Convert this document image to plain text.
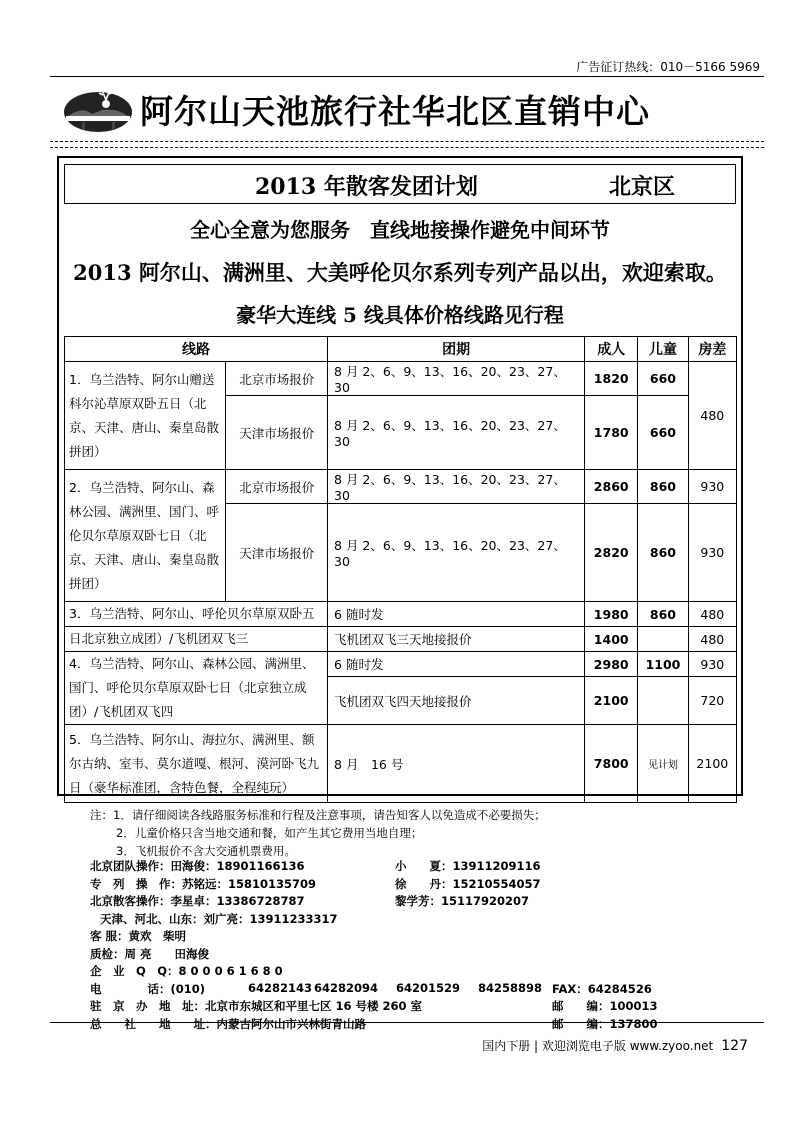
广告征订热线：010－5166 5969
阿尔山天池旅行社华北区直销中心
2013 年散客发团计划	北京区
全心全意为您服务　直线地接操作避免中间环节
2013 阿尔山、满洲里、大美呼伦贝尔系列专列产品以出，欢迎索取。
豪华大连线 5 线具体价格线路见行程
线路		团期	成人	儿童	房差
1．乌兰浩特、阿尔山赠送科尔沁草原双卧五日（北京、天津、唐山、秦皇岛散拼团）	北京市场报价	8 月 2、6、9、13、16、20、23、27、30	1820	660	480
	天津市场报价	8 月 2、6、9、13、16、20、23、27、30	1780	660	
2．乌兰浩特、阿尔山、森林公园、满洲里、国门、呼伦贝尔草原双卧七日（北京、天津、唐山、秦皇岛散拼团）	北京市场报价	8 月 2、6、9、13、16、20、23、27、30	2860	860	930
	天津市场报价	8 月 2、6、9、13、16、20、23、27、30	2820	860	930
3．乌兰浩特、阿尔山、呼伦贝尔草原双卧五		6 随时发	1980	860	480
日北京独立成团）/飞机团双飞三		飞机团双飞三天地接报价	1400		480
4．乌兰浩特、阿尔山、森林公园、满洲里、国门、呼伦贝尔草原双卧七日（北京独立成团）/飞机团双飞四		6 随时发	2980	1100	930
		飞机团双飞四天地接报价	2100		720
5．乌兰浩特、阿尔山、海拉尔、满洲里、额尔古纳、室韦、莫尔道嘎、根河、漠河卧飞九日（豪华标准团，含特色餐，全程纯玩）		8 月　16 号	7800	见计划	2100
注：1．请仔细阅读各线路服务标准和行程及注意事项，请告知客人以免造成不必要损失；
2．儿童价格只含当地交通和餐，如产生其它费用当地自理；
3．飞机报价不含大交通机票费用。
北京团队操作：田海俊：18901166136	小　　夏：13911209116
专　列　操　作：苏铭远：15810135709	徐　　丹：15210554057
北京散客操作：李星卓：13386728787	黎学芳：15117920207
天津、河北、山东：刘广亮：13911233317
客 服：黄欢　柴明
质检：周 亮　　田海俊
企　业　Q　Q：8 0 0 0 6 1 6 8 0
电　　　　话：(010)	64282143 64282094 64201529 84258898 FAX：64284526
驻　京　办　地　址：北京市东城区和平里七区 16 号楼 260 室	邮　　编：100013
总　　社　　地　　址：内蒙古阿尔山市兴林街青山路	邮　　编：137800
国内下册 | 欢迎浏览电子版 www.zyoo.net 127
